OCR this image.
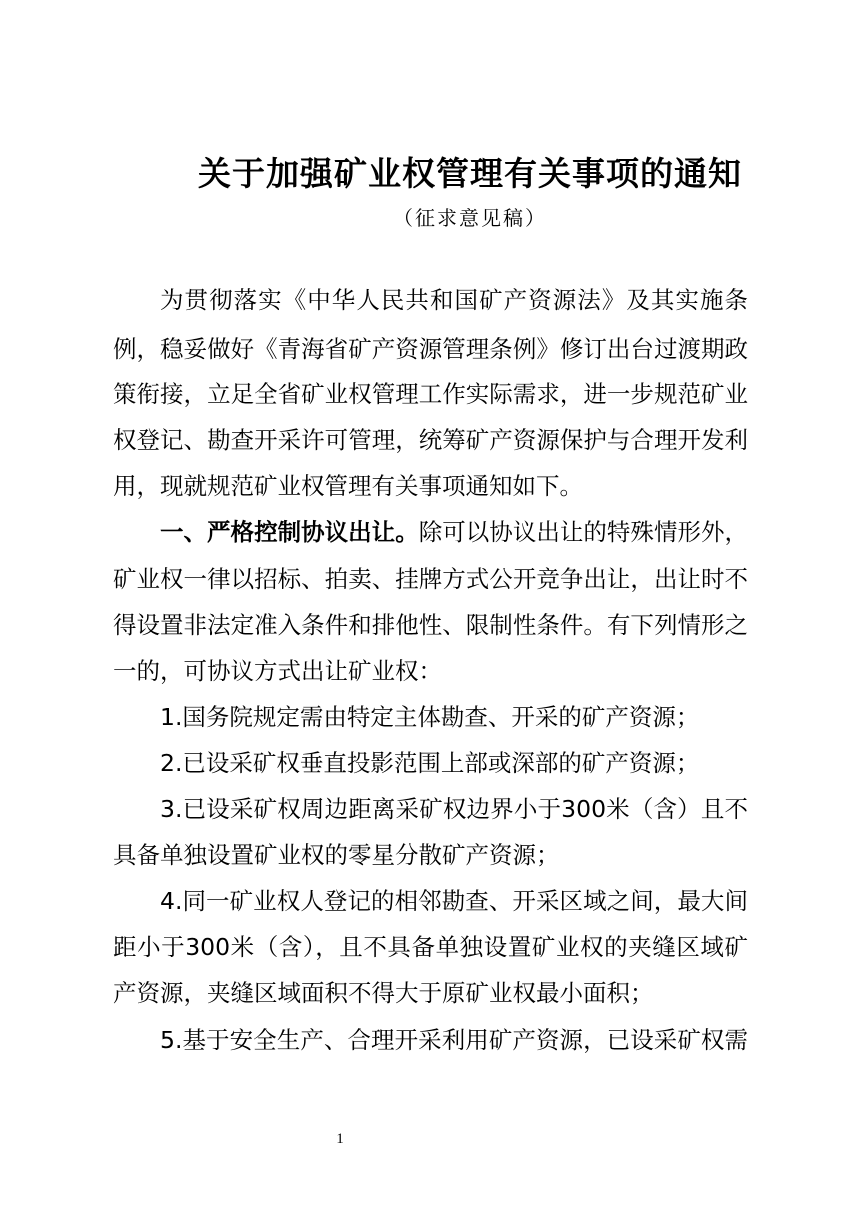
关于加强矿业权管理有关事项的通知
（征求意见稿）
为贯彻落实《中华人民共和国矿产资源法》及其实施条
例，稳妥做好《青海省矿产资源管理条例》修订出台过渡期政
策衔接，立足全省矿业权管理工作实际需求，进一步规范矿业
权登记、勘查开采许可管理，统筹矿产资源保护与合理开发利
用，现就规范矿业权管理有关事项通知如下。
一、严格控制协议出让。除可以协议出让的特殊情形外，
矿业权一律以招标、拍卖、挂牌方式公开竞争出让，出让时不
得设置非法定准入条件和排他性、限制性条件。有下列情形之
一的，可协议方式出让矿业权：
1.国务院规定需由特定主体勘查、开采的矿产资源；
2.已设采矿权垂直投影范围上部或深部的矿产资源；
3.已设采矿权周边距离采矿权边界小于300米（含）且不
具备单独设置矿业权的零星分散矿产资源；
4.同一矿业权人登记的相邻勘查、开采区域之间，最大间
距小于300米（含），且不具备单独设置矿业权的夹缝区域矿
产资源，夹缝区域面积不得大于原矿业权最小面积；
5.基于安全生产、合理开采利用矿产资源，已设采矿权需
1
